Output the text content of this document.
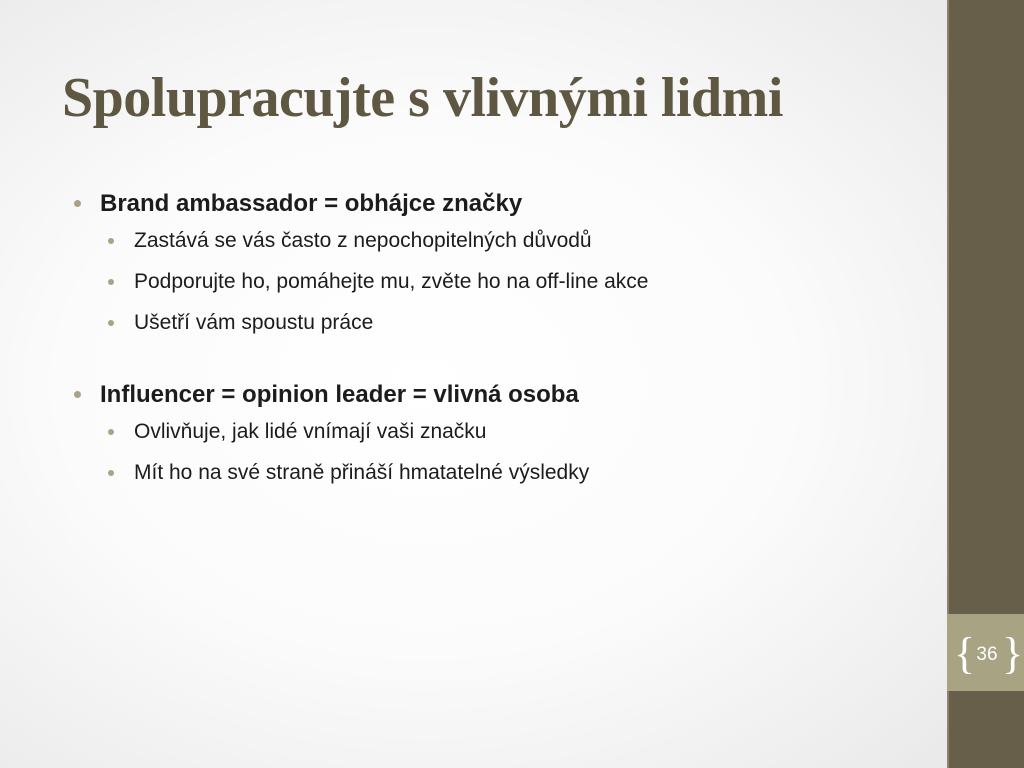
{ }
36
Spolupracujte s vlivnými lidmi
Brand ambassador = obhájce značky
Zastává se vás často z nepochopitelných důvodů
Podporujte ho, pomáhejte mu, zvěte ho na off-line akce
Ušetří vám spoustu práce
Influencer = opinion leader = vlivná osoba
Ovlivňuje, jak lidé vnímají vaši značku
Mít ho na své straně přináší hmatatelné výsledky
